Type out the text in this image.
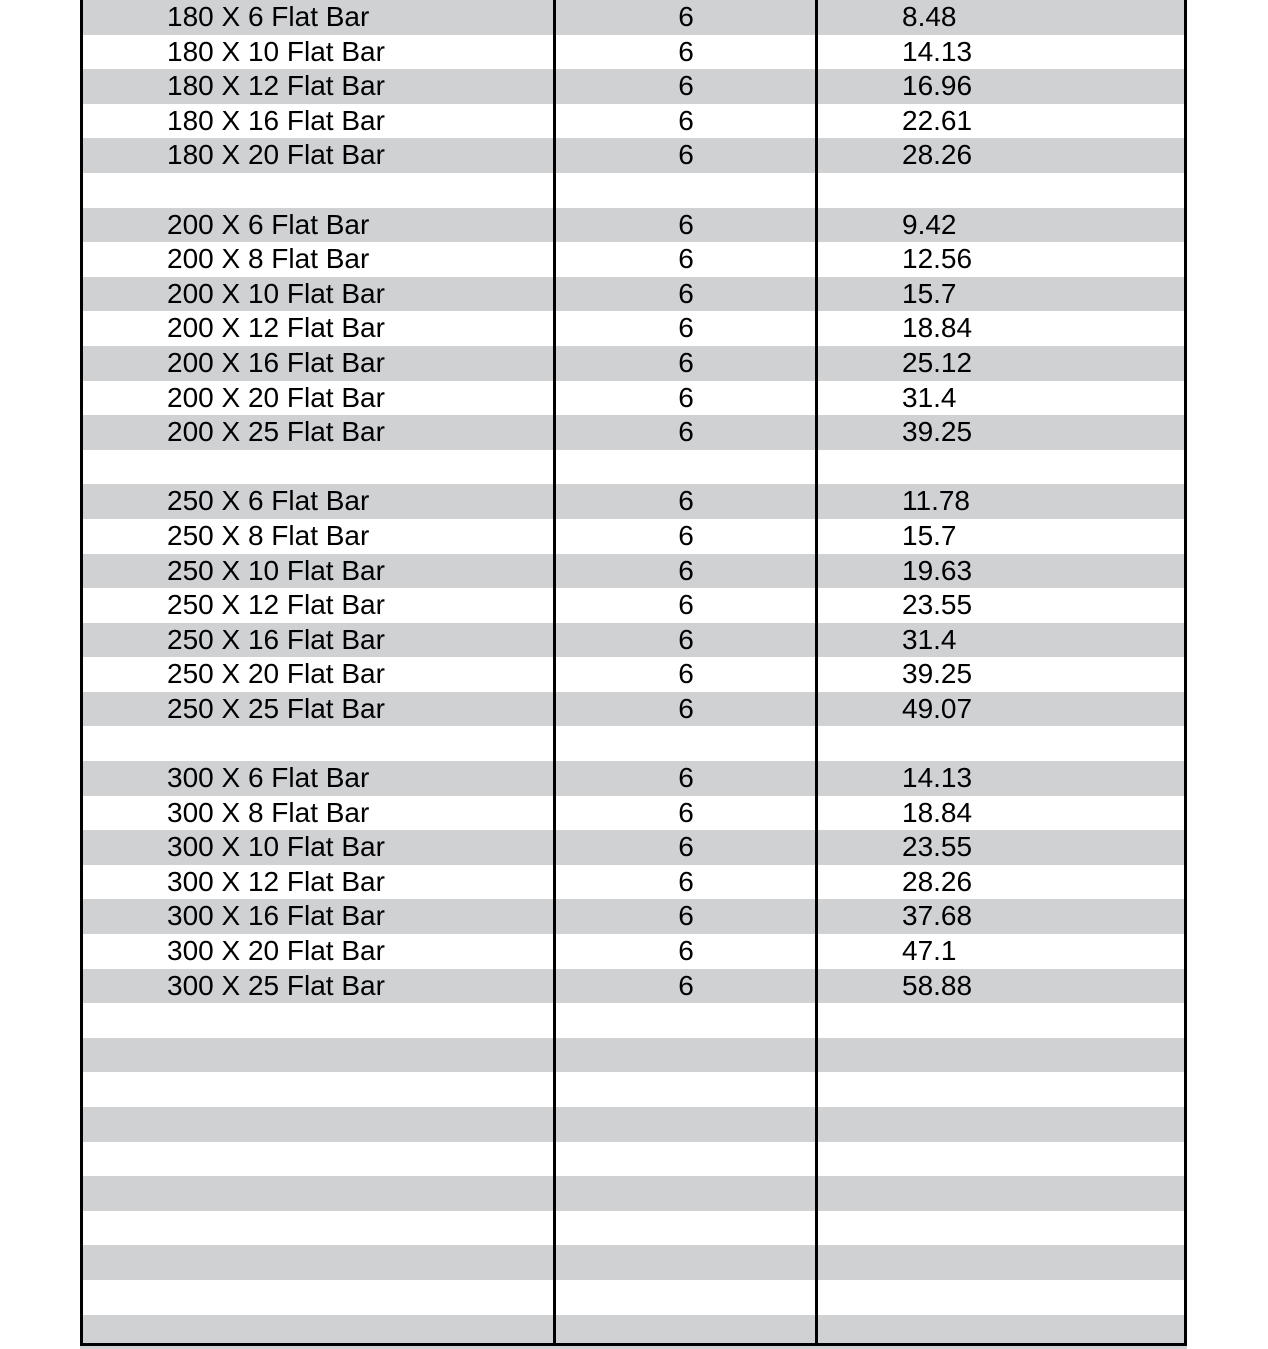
180 X 6 Flat Bar	6	8.48
180 X 10 Flat Bar	6	14.13
180 X 12 Flat Bar	6	16.96
180 X 16 Flat Bar	6	22.61
180 X 20 Flat Bar	6	28.26
200 X 6 Flat Bar	6	9.42
200 X 8 Flat Bar	6	12.56
200 X 10 Flat Bar	6	15.7
200 X 12 Flat Bar	6	18.84
200 X 16 Flat Bar	6	25.12
200 X 20 Flat Bar	6	31.4
200 X 25 Flat Bar	6	39.25
250 X 6 Flat Bar	6	11.78
250 X 8 Flat Bar	6	15.7
250 X 10 Flat Bar	6	19.63
250 X 12 Flat Bar	6	23.55
250 X 16 Flat Bar	6	31.4
250 X 20 Flat Bar	6	39.25
250 X 25 Flat Bar	6	49.07
300 X 6 Flat Bar	6	14.13
300 X 8 Flat Bar	6	18.84
300 X 10 Flat Bar	6	23.55
300 X 12 Flat Bar	6	28.26
300 X 16 Flat Bar	6	37.68
300 X 20 Flat Bar	6	47.1
300 X 25 Flat Bar	6	58.88
